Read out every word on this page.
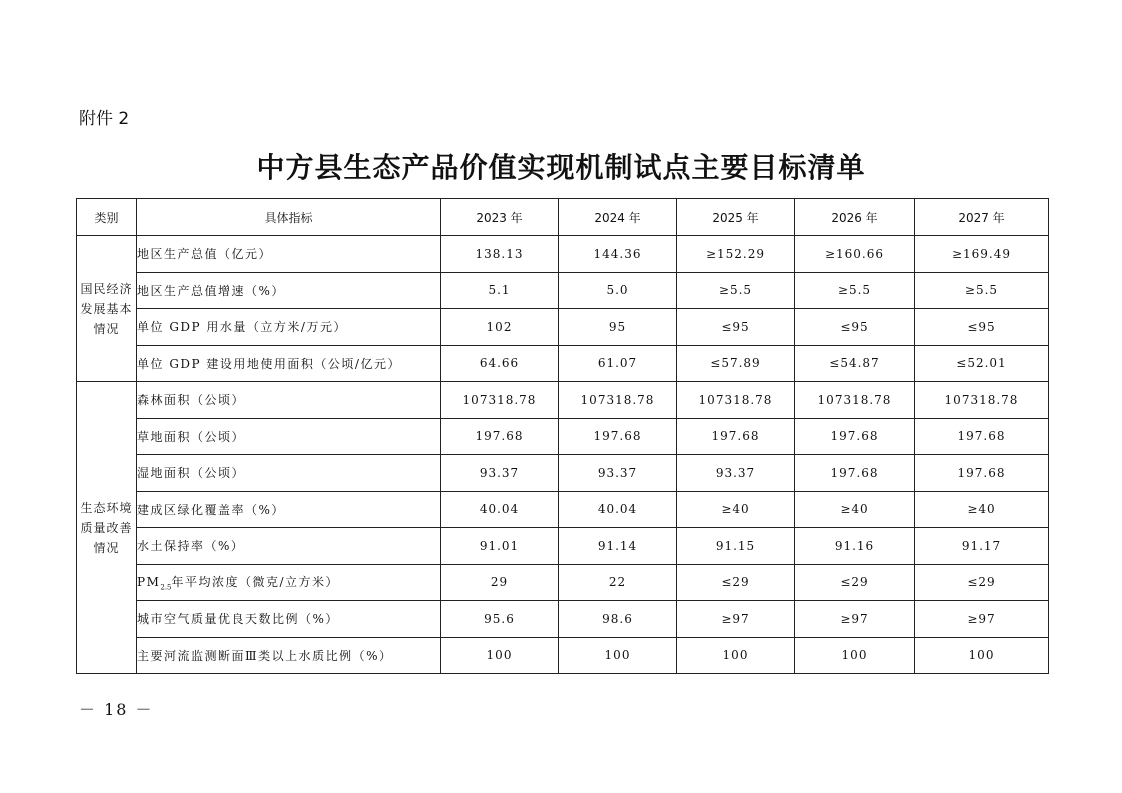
附件 2
中方县生态产品价值实现机制试点主要目标清单
类别	具体指标	2023 年	2024 年	2025 年	2026 年	2027 年

国民经济
发展基本
情况	地区生产总值（亿元）	138.13	144.36	≥152.29	≥160.66	≥169.49
	地区生产总值增速（%）	5.1	5.0	≥5.5	≥5.5	≥5.5
	单位 GDP 用水量（立方米/万元）	102	95	≤95	≤95	≤95
	单位 GDP 建设用地使用面积（公顷/亿元）	64.66	61.07	≤57.89	≤54.87	≤52.01

生态环境
质量改善
情况	森林面积（公顷）	107318.78	107318.78	107318.78	107318.78	107318.78
	草地面积（公顷）	197.68	197.68	197.68	197.68	197.68
	湿地面积（公顷）	93.37	93.37	93.37	197.68	197.68
	建成区绿化覆盖率（%）	40.04	40.04	≥40	≥40	≥40
	水土保持率（%）	91.01	91.14	91.15	91.16	91.17
	$PM_{2.5}$年平均浓度（微克/立方米）	29	22	≤29	≤29	≤29
	城市空气质量优良天数比例（%）	95.6	98.6	≥97	≥97	≥97
	主要河流监测断面Ⅲ类以上水质比例（%）	100	100	100	100	100
－ 18 －
